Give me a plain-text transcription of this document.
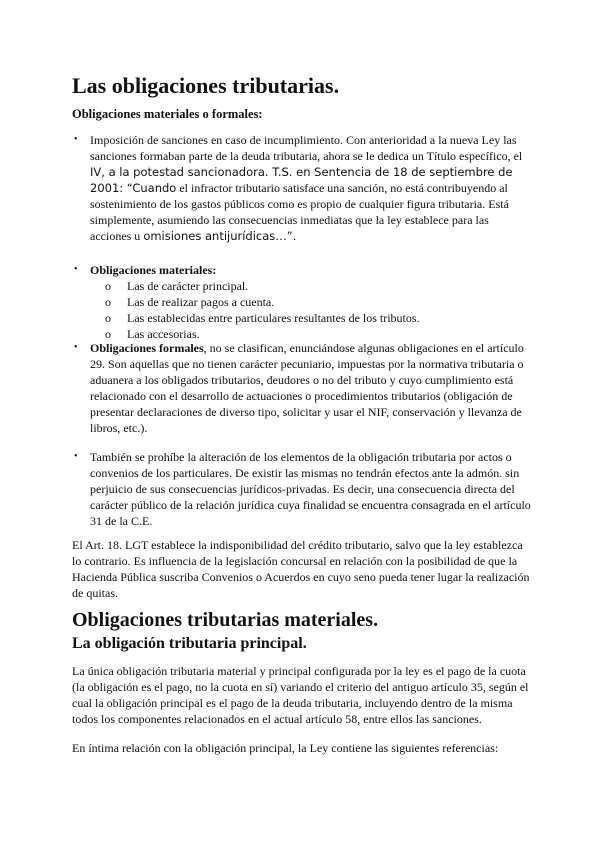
Las obligaciones tributarias.

Obligaciones materiales o formales:

• Imposición de sanciones en caso de incumplimiento. Con anterioridad a la nueva Ley las sanciones formaban parte de la deuda tributaria, ahora se le dedica un Título específico, el IV, a la potestad sancionadora. T.S. en Sentencia de 18 de septiembre de 2001: “Cuando el infractor tributario satisface una sanción, no está contribuyendo al sostenimiento de los gastos públicos como es propio de cualquier figura tributaria. Está simplemente, asumiendo las consecuencias inmediatas que la ley establece para las acciones u omisiones antijurídicas…”.
• Obligaciones materiales:
o Las de carácter principal.
o Las de realizar pagos a cuenta.
o Las establecidas entre particulares resultantes de los tributos.
o Las accesorias.
• Obligaciones formales, no se clasifican, enunciándose algunas obligaciones en el artículo 29. Son aquellas que no tienen carácter pecuniario, impuestas por la normativa tributaria o aduanera a los obligados tributarios, deudores o no del tributo y cuyo cumplimiento está relacionado con el desarrollo de actuaciones o procedimientos tributarios (obligación de presentar declaraciones de diverso tipo, solicitar y usar el NIF, conservación y llevanza de libros, etc.).
• También se prohíbe la alteración de los elementos de la obligación tributaria por actos o convenios de los particulares. De existir las mismas no tendrán efectos ante la admón. sin perjuicio de sus consecuencias jurídicos-privadas. Es decir, una consecuencia directa del carácter público de la relación jurídica cuya finalidad se encuentra consagrada en el artículo 31 de la C.E.
El Art. 18. LGT establece la indisponibilidad del crédito tributario, salvo que la ley establezca lo contrario. Es influencia de la legislación concursal en relación con la posibilidad de que la Hacienda Pública suscriba Convenios o Acuerdos en cuyo seno pueda tener lugar la realización de quitas.
Obligaciones tributarias materiales.
La obligación tributaria principal.
La única obligación tributaria material y principal configurada por la ley es el pago de la cuota (la obligación es el pago, no la cuota en sí) variando el criterio del antiguo artículo 35, según el cual la obligación principal es el pago de la deuda tributaria, incluyendo dentro de la misma todos los componentes relacionados en el actual artículo 58, entre ellos las sanciones.
En íntima relación con la obligación principal, la Ley contiene las siguientes referencias:
